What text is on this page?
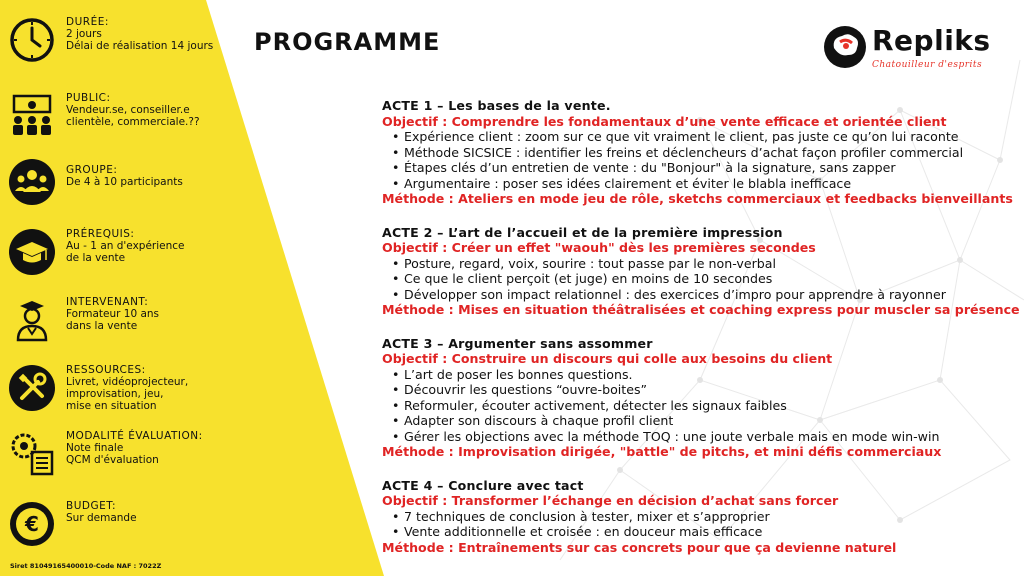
DURÉE:
2 jours
Délai de réalisation 14 jours
PUBLIC:
Vendeur.se, conseiller.e
clientèle, commerciale.??
GROUPE:
De 4 à 10 participants
PRÉREQUIS:
Au - 1 an d'expérience
de la vente
INTERVENANT:
Formateur 10 ans
dans la vente
RESSOURCES:
Livret, vidéoprojecteur,
improvisation, jeu,
mise en situation
MODALITÉ ÉVALUATION:
Note finale
QCM d'évaluation
€
BUDGET:
Sur demande
Siret 81049165400010-Code NAF : 7022Z
PROGRAMME	Repliks
Chatouilleur d'esprits
ACTE 1 – Les bases de la vente.
Objectif : Comprendre les fondamentaux d’une vente efficace et orientée client
• Expérience client : zoom sur ce que vit vraiment le client, pas juste ce qu’on lui raconte
• Méthode SICSICE : identifier les freins et déclencheurs d’achat façon profiler commercial
• Étapes clés d’un entretien de vente : du "Bonjour" à la signature, sans zapper
• Argumentaire : poser ses idées clairement et éviter le blabla inefficace
Méthode : Ateliers en mode jeu de rôle, sketchs commerciaux et feedbacks bienveillants
ACTE 2 – L’art de l’accueil et de la première impression
Objectif : Créer un effet "waouh" dès les premières secondes
• Posture, regard, voix, sourire : tout passe par le non-verbal
• Ce que le client perçoit (et juge) en moins de 10 secondes
• Développer son impact relationnel : des exercices d’impro pour apprendre à rayonner
Méthode : Mises en situation théâtralisées et coaching express pour muscler sa présence
ACTE 3 – Argumenter sans assommer
Objectif : Construire un discours qui colle aux besoins du client
• L’art de poser les bonnes questions.
• Découvrir les questions “ouvre-boites”
• Reformuler, écouter activement, détecter les signaux faibles
• Adapter son discours à chaque profil client
• Gérer les objections avec la méthode TOQ : une joute verbale mais en mode win-win
Méthode : Improvisation dirigée, "battle" de pitchs, et mini défis commerciaux
ACTE 4 – Conclure avec tact
Objectif : Transformer l’échange en décision d’achat sans forcer
• 7 techniques de conclusion à tester, mixer et s’approprier
• Vente additionnelle et croisée : en douceur mais efficace
Méthode : Entraînements sur cas concrets pour que ça devienne naturel
